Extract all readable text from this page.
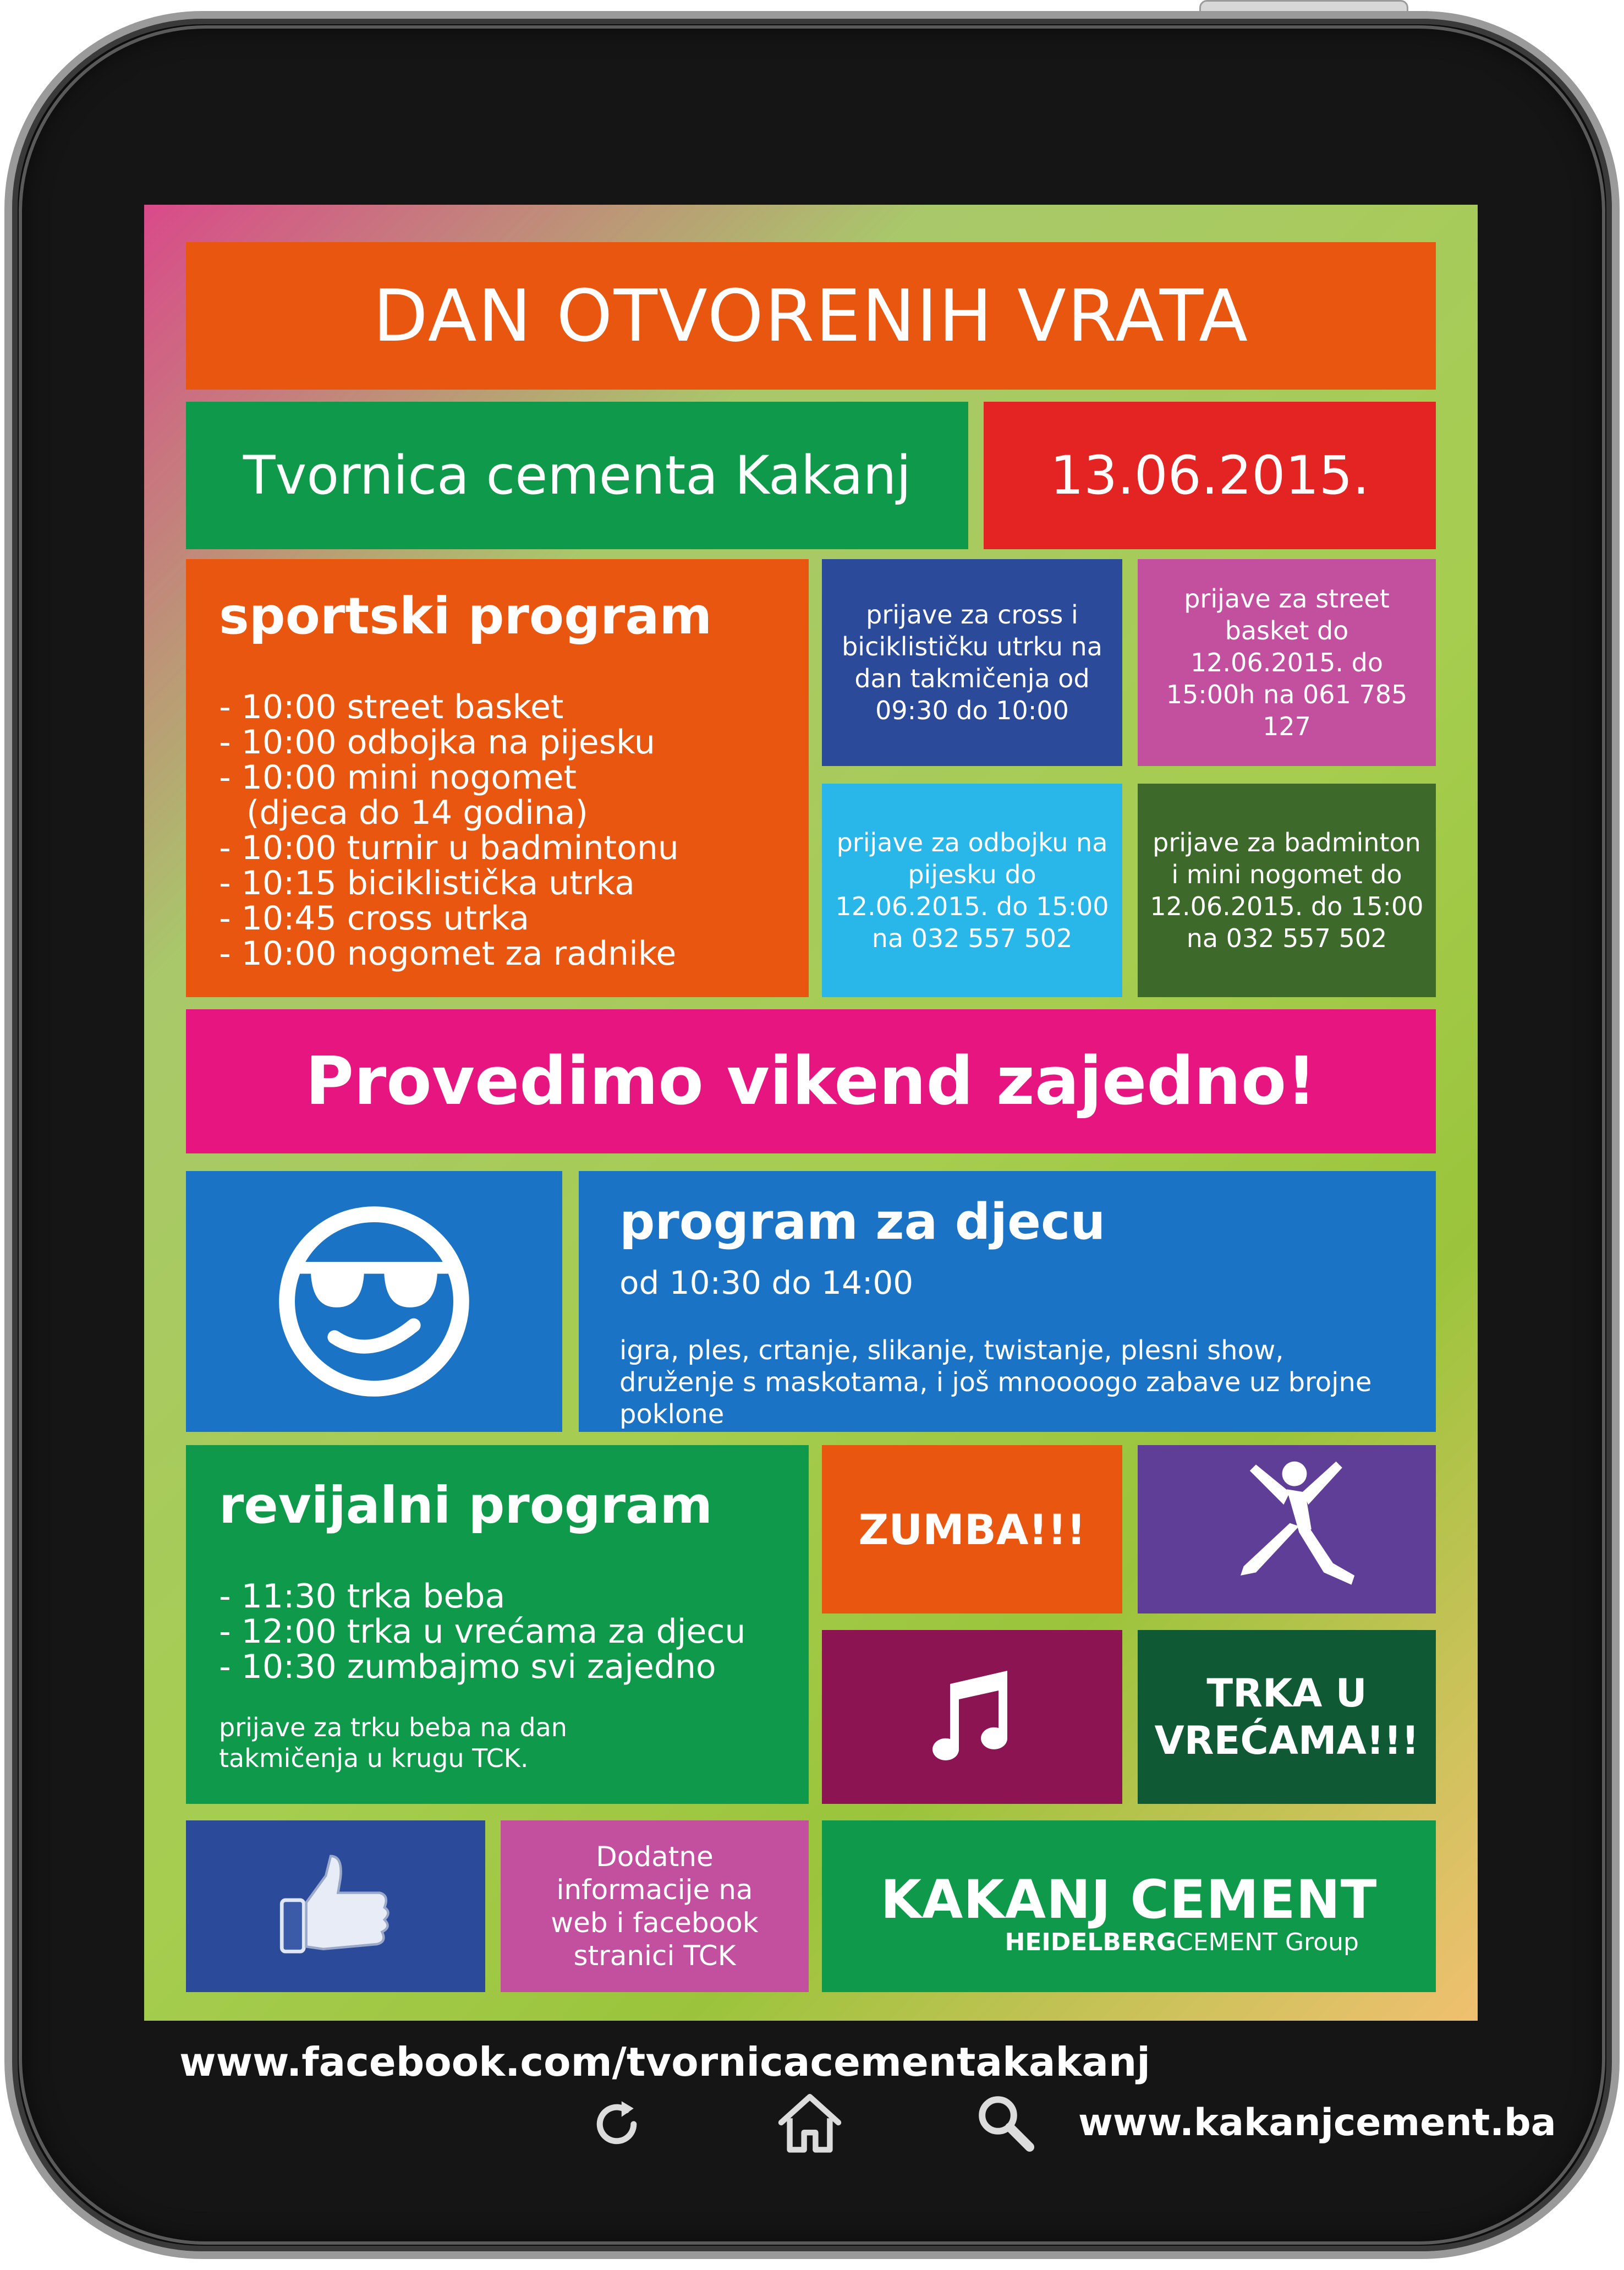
DAN OTVORENIH VRATA
Tvornica cementa Kakanj	13.06.2015.
sportski program
- 10:00 street basket
- 10:00 odbojka na pijesku
- 10:00 mini nogomet
(djeca do 14 godina)
- 10:00 turnir u badmintonu
- 10:15 biciklistička utrka
- 10:45 cross utrka
- 10:00 nogomet za radnike
prijave za cross i biciklističku utrku na dan takmičenja od 09:30 do 10:00
prijave za street basket do 12.06.2015. do 15:00h na 061 785 127
prijave za odbojku na pijesku do 12.06.2015. do 15:00 na 032 557 502
prijave za badminton i mini nogomet do 12.06.2015. do 15:00 na 032 557 502
Provedimo vikend zajedno!
program za djecu
od 10:30 do 14:00
igra, ples, crtanje, slikanje, twistanje, plesni show, druženje s maskotama, i još mnoooogo zabave uz brojne poklone
revijalni program
- 11:30 trka beba
- 12:00 trka u vrećama za djecu
- 10:30 zumbajmo svi zajedno
prijave za trku beba na dan takmičenja u krugu TCK.
ZUMBA!!!
TRKA U VREĆAMA!!!
Dodatne informacije na web i facebook stranici TCK
KAKANJ CEMENT
HEIDELBERGCEMENT Group
www.facebook.com/tvornicacementakakanj
www.kakanjcement.ba
